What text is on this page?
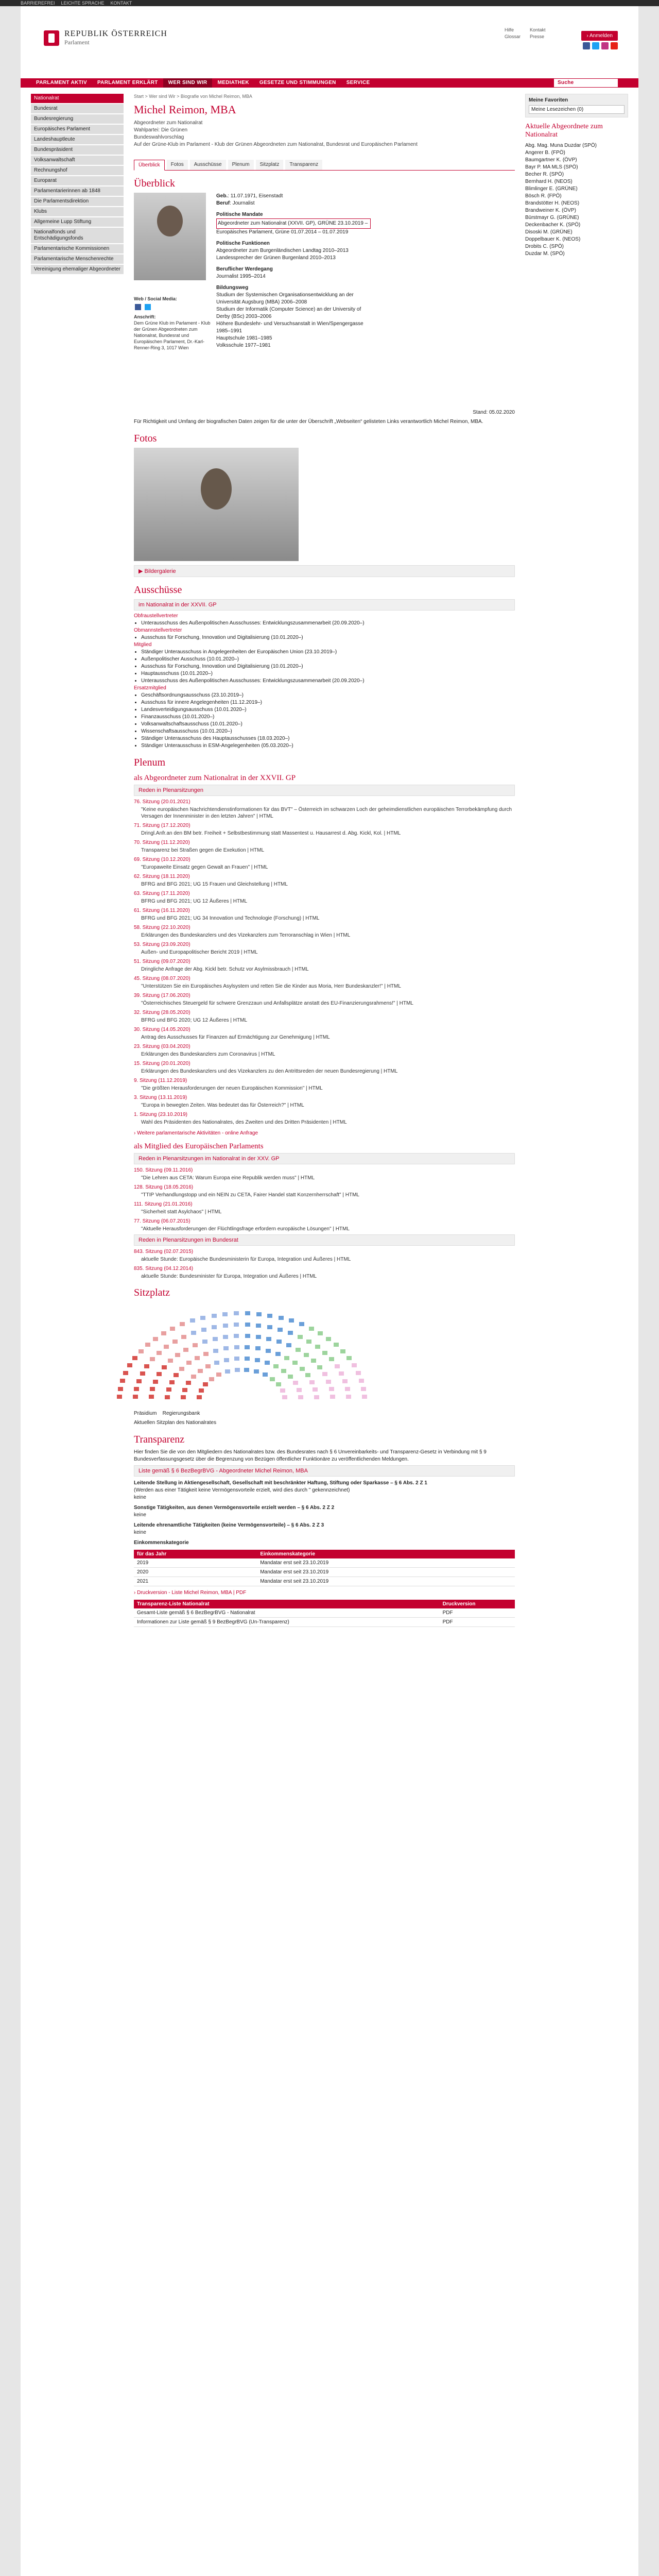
BARRIEREFREI LEICHTE SPRACHE KONTAKT
REPUBLIK ÖSTERREICH
Parlament
Hilfe
Glossar
Kontakt
Presse	› Anmelden
PARLAMENT AKTIV	PARLAMENT ERKLÄRT	WER SIND WIR	MEDIATHEK	GESETZE UND STIMMUNGEN	SERVICE	Suche
Nationalrat
Bundesrat
Bundesregierung
Europäisches Parlament
Landeshauptleute
Bundespräsident
Volksanwaltschaft
Rechnungshof
Europarat
Parlamentarierinnen ab 1848
Die Parlamentsdirektion
Klubs
Allgemeine Lupp Stiftung
Nationalfonds und Entschädigungsfonds
Parlamentarische Kommissionen
Parlamentarische Menschenrechte
Vereinigung ehemaliger Abgeordneter
Start > Wer sind Wir > Biografie von Michel Reimon, MBA
Michel Reimon, MBA
Abgeordneter zum Nationalrat
Wahlpartei: Die Grünen
Bundeswahlvorschlag
Auf der Grüne-Klub im Parlament - Klub der Grünen Abgeordneten zum Nationalrat, Bundesrat und Europäischen Parlament
Überblick	Fotos	Ausschüsse	Plenum	Sitzplatz	Transparenz
Überblick
Web / Social Media:

Anschrift:
Dem Grüne Klub im Parlament - Klub der Grünen Abgeordneten zum Nationalrat, Bundesrat und Europäischen Parlament, Dr.-Karl-Renner-Ring 3, 1017 Wien
Geb.: 11.07.1971, Eisenstadt
Beruf: Journalist
Politische Mandate
Abgeordneter zum Nationalrat (XXVII. GP), GRÜNE 23.10.2019 –
Europäisches Parlament, Grüne 01.07.2014 – 01.07.2019
Politische Funktionen
Abgeordneter zum Burgenländischen Landtag 2010–2013
Landessprecher der Grünen Burgenland 2010–2013
Beruflicher Werdegang
Journalist 1995–2014
Bildungsweg
Studium der Systemischen Organisationsentwicklung an der Universität Augsburg (MBA) 2006–2008
Studium der Informatik (Computer Science) an der University of Derby (BSc) 2003–2006
Höhere Bundeslehr- und Versuchsanstalt in Wien/Spengergasse 1985–1991
Hauptschule 1981–1985
Volksschule 1977–1981
Stand: 05.02.2020
Für Richtigkeit und Umfang der biografischen Daten zeigen für die unter der Überschrift „Webseiten“ gelisteten Links verantwortlich Michel Reimon, MBA.
Fotos
▶ Bildergalerie
Ausschüsse
im Nationalrat in der XXVII. GP
Obfraustellvertreter
• Unterausschuss des Außenpolitischen Ausschusses: Entwicklungszusammenarbeit (20.09.2020–)
Obmannstellvertreter
• Ausschuss für Forschung, Innovation und Digitalisierung (10.01.2020–)
Mitglied
• Ständiger Unterausschuss in Angelegenheiten der Europäischen Union (23.10.2019–)
• Außenpolitischer Ausschuss (10.01.2020–)
• Ausschuss für Forschung, Innovation und Digitalisierung (10.01.2020–)
• Hauptausschuss (10.01.2020–)
• Unterausschuss des Außenpolitischen Ausschusses: Entwicklungszusammenarbeit (20.09.2020–)
Ersatzmitglied
• Geschäftsordnungsausschuss (23.10.2019–)
• Ausschuss für innere Angelegenheiten (11.12.2019–)
• Landesverteidigungsausschuss (10.01.2020–)
• Finanzausschuss (10.01.2020–)
• Volksanwaltschaftsausschuss (10.01.2020–)
• Wissenschaftsausschuss (10.01.2020–)
• Ständiger Unterausschuss des Hauptausschusses (18.03.2020–)
• Ständiger Unterausschuss in ESM-Angelegenheiten (05.03.2020–)
Plenum
als Abgeordneter zum Nationalrat in der XXVII. GP
Reden in Plenarsitzungen
76. Sitzung (20.01.2021)
"Keine europäischen Nachrichtendienstinformationen für das BVT" – Österreich im schwarzen Loch der geheimdienstlichen europäischen Terrorbekämpfung durch Versagen der Innenminister in den letzten Jahren" | HTML
71. Sitzung (17.12.2020)
Dringl.Anfr.an den BM betr. Freiheit + Selbstbestimmung statt Massentest u. Hausarrest d. Abg. Kickl, Kol. | HTML
70. Sitzung (11.12.2020)
Transparenz bei Straßen gegen die Exekution | HTML
69. Sitzung (10.12.2020)
"Europaweite Einsatz gegen Gewalt an Frauen" | HTML
62. Sitzung (18.11.2020)
BFRG and BFG 2021; UG 15 Frauen und Gleichstellung | HTML
63. Sitzung (17.11.2020)
BFRG und BFG 2021; UG 12 Äußeres | HTML
61. Sitzung (16.11.2020)
BFRG und BFG 2021; UG 34 Innovation und Technologie (Forschung) | HTML
58. Sitzung (22.10.2020)
Erklärungen des Bundeskanzlers und des Vizekanzlers zum Terroranschlag in Wien | HTML
53. Sitzung (23.09.2020)
Außen- und Europapolitischer Bericht 2019 | HTML
51. Sitzung (09.07.2020)
Dringliche Anfrage der Abg. Kickl betr. Schutz vor Asylmissbrauch | HTML
45. Sitzung (08.07.2020)
"Unterstützen Sie ein Europäisches Asylsystem und retten Sie die Kinder aus Moria, Herr Bundeskanzler!" | HTML
39. Sitzung (17.06.2020)
"Österreichisches Steuergeld für schwere Grenzzaun und Anfallsplätze anstatt des EU-Finanzierungsrahmens!" | HTML
32. Sitzung (28.05.2020)
BFRG und BFG 2020; UG 12 Äußeres | HTML
30. Sitzung (14.05.2020)
Antrag des Ausschusses für Finanzen auf Ermächtigung zur Genehmigung | HTML
23. Sitzung (03.04.2020)
Erklärungen des Bundeskanzlers zum Coronavirus | HTML
15. Sitzung (20.01.2020)
Erklärungen des Bundeskanzlers und des Vizekanzlers zu den Antrittsreden der neuen Bundesregierung | HTML
9. Sitzung (11.12.2019)
"Die größten Herausforderungen der neuen Europäischen Kommission" | HTML
3. Sitzung (13.11.2019)
"Europa in bewegten Zeiten. Was bedeutet das für Österreich?" | HTML
1. Sitzung (23.10.2019)
Wahl des Präsidenten des Nationalrates, des Zweiten und des Dritten Präsidenten | HTML
› Weitere parlamentarische Aktivitäten - online Anfrage
als Mitglied des Europäischen Parlaments
Reden in Plenarsitzungen im Nationalrat in der XXV. GP
150. Sitzung (09.11.2016)
"Die Lehren aus CETA: Warum Europa eine Republik werden muss" | HTML
128. Sitzung (18.05.2016)
"TTIP Verhandlungstopp und ein NEIN zu CETA, Fairer Handel statt Konzernherrschaft" | HTML
111. Sitzung (21.01.2016)
"Sicherheit statt Asylchaos" | HTML
77. Sitzung (06.07.2015)
"Aktuelle Herausforderungen der Flüchtlingsfrage erfordern europäische Lösungen" | HTML
Reden in Plenarsitzungen im Bundesrat
843. Sitzung (02.07.2015)
aktuelle Stunde: Europäische Bundesministerin für Europa, Integration und Äußeres | HTML
835. Sitzung (04.12.2014)
aktuelle Stunde: Bundesminister für Europa, Integration und Äußeres | HTML
Sitzplatz
Präsidium Regierungsbank
Aktuellen Sitzplan des Nationalrates
Transparenz
Hier finden Sie die von den Mitgliedern des Nationalrates bzw. des Bundesrates nach § 6 Unvereinbarkeits- und Transparenz-Gesetz in Verbindung mit § 9 Bundesverfassungsgesetz über die Begrenzung von Bezügen öffentlicher Funktionäre zu veröffentlichenden Meldungen.
Liste gemäß § 6 BezBegrBVG - Abgeordneter Michel Reimon, MBA
Leitende Stellung in Aktiengesellschaft, Gesellschaft mit beschränkter Haftung, Stiftung oder Sparkasse – § 6 Abs. 2 Z 1
(Werden aus einer Tätigkeit keine Vermögensvorteile erzielt, wird dies durch " gekennzeichnet)
keine
Sonstige Tätigkeiten, aus denen Vermögensvorteile erzielt werden – § 6 Abs. 2 Z 2
keine
Leitende ehrenamtliche Tätigkeiten (keine Vermögensvorteile) – § 6 Abs. 2 Z 3
keine
Einkommenskategorie
für das Jahr	Einkommenskategorie
2019	Mandatar erst seit 23.10.2019
2020	Mandatar erst seit 23.10.2019
2021	Mandatar erst seit 23.10.2019
› Druckversion - Liste Michel Reimon, MBA | PDF
Transparenz-Liste Nationalrat	Druckversion
Gesamt-Liste gemäß § 6 BezBegrBVG - Nationalrat	PDF
Informationen zur Liste gemäß § 9 BezBegrBVG (Un-Transparenz)	PDF
Meine Favoriten
Meine Lesezeichen (0)
Aktuelle Abgeordnete zum Nationalrat
Abg. Mag. Muna Duzdar (SPÖ)
Angerer B. (FPÖ)
Baumgartner K. (ÖVP)
Bayr P. MA MLS (SPÖ)
Becher R. (SPÖ)
Bernhard H. (NEOS)
Blimlinger E. (GRÜNE)
Bösch R. (FPÖ)
Brandstötter H. (NEOS)
Brandweiner K. (ÖVP)
Bürstmayr G. (GRÜNE)
Deckenbacher K. (SPÖ)
Disoski M. (GRÜNE)
Doppelbauer K. (NEOS)
Drobits C. (SPÖ)
Duzdar M. (SPÖ)
